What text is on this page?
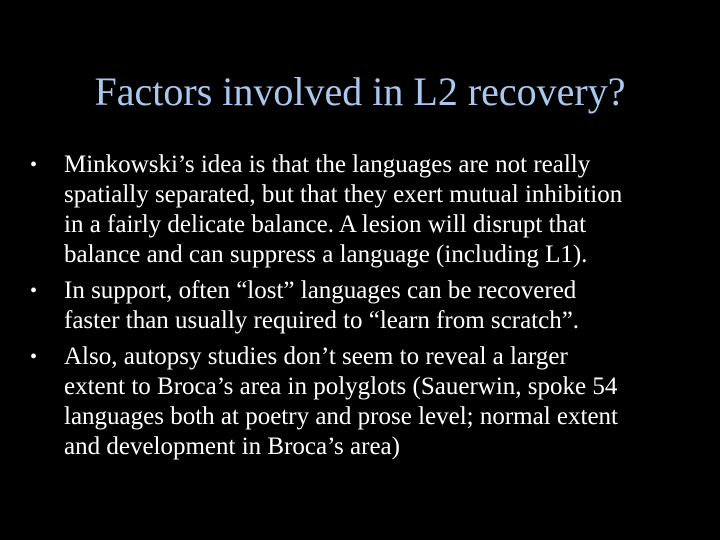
Factors involved in L2 recovery?
• Minkowski’s idea is that the languages are not really
spatially separated, but that they exert mutual inhibition
in a fairly delicate balance. A lesion will disrupt that
balance and can suppress a language (including L1).
• In support, often “lost” languages can be recovered
faster than usually required to “learn from scratch”.
• Also, autopsy studies don’t seem to reveal a larger
extent to Broca’s area in polyglots (Sauerwin, spoke 54
languages both at poetry and prose level; normal extent
and development in Broca’s area)
